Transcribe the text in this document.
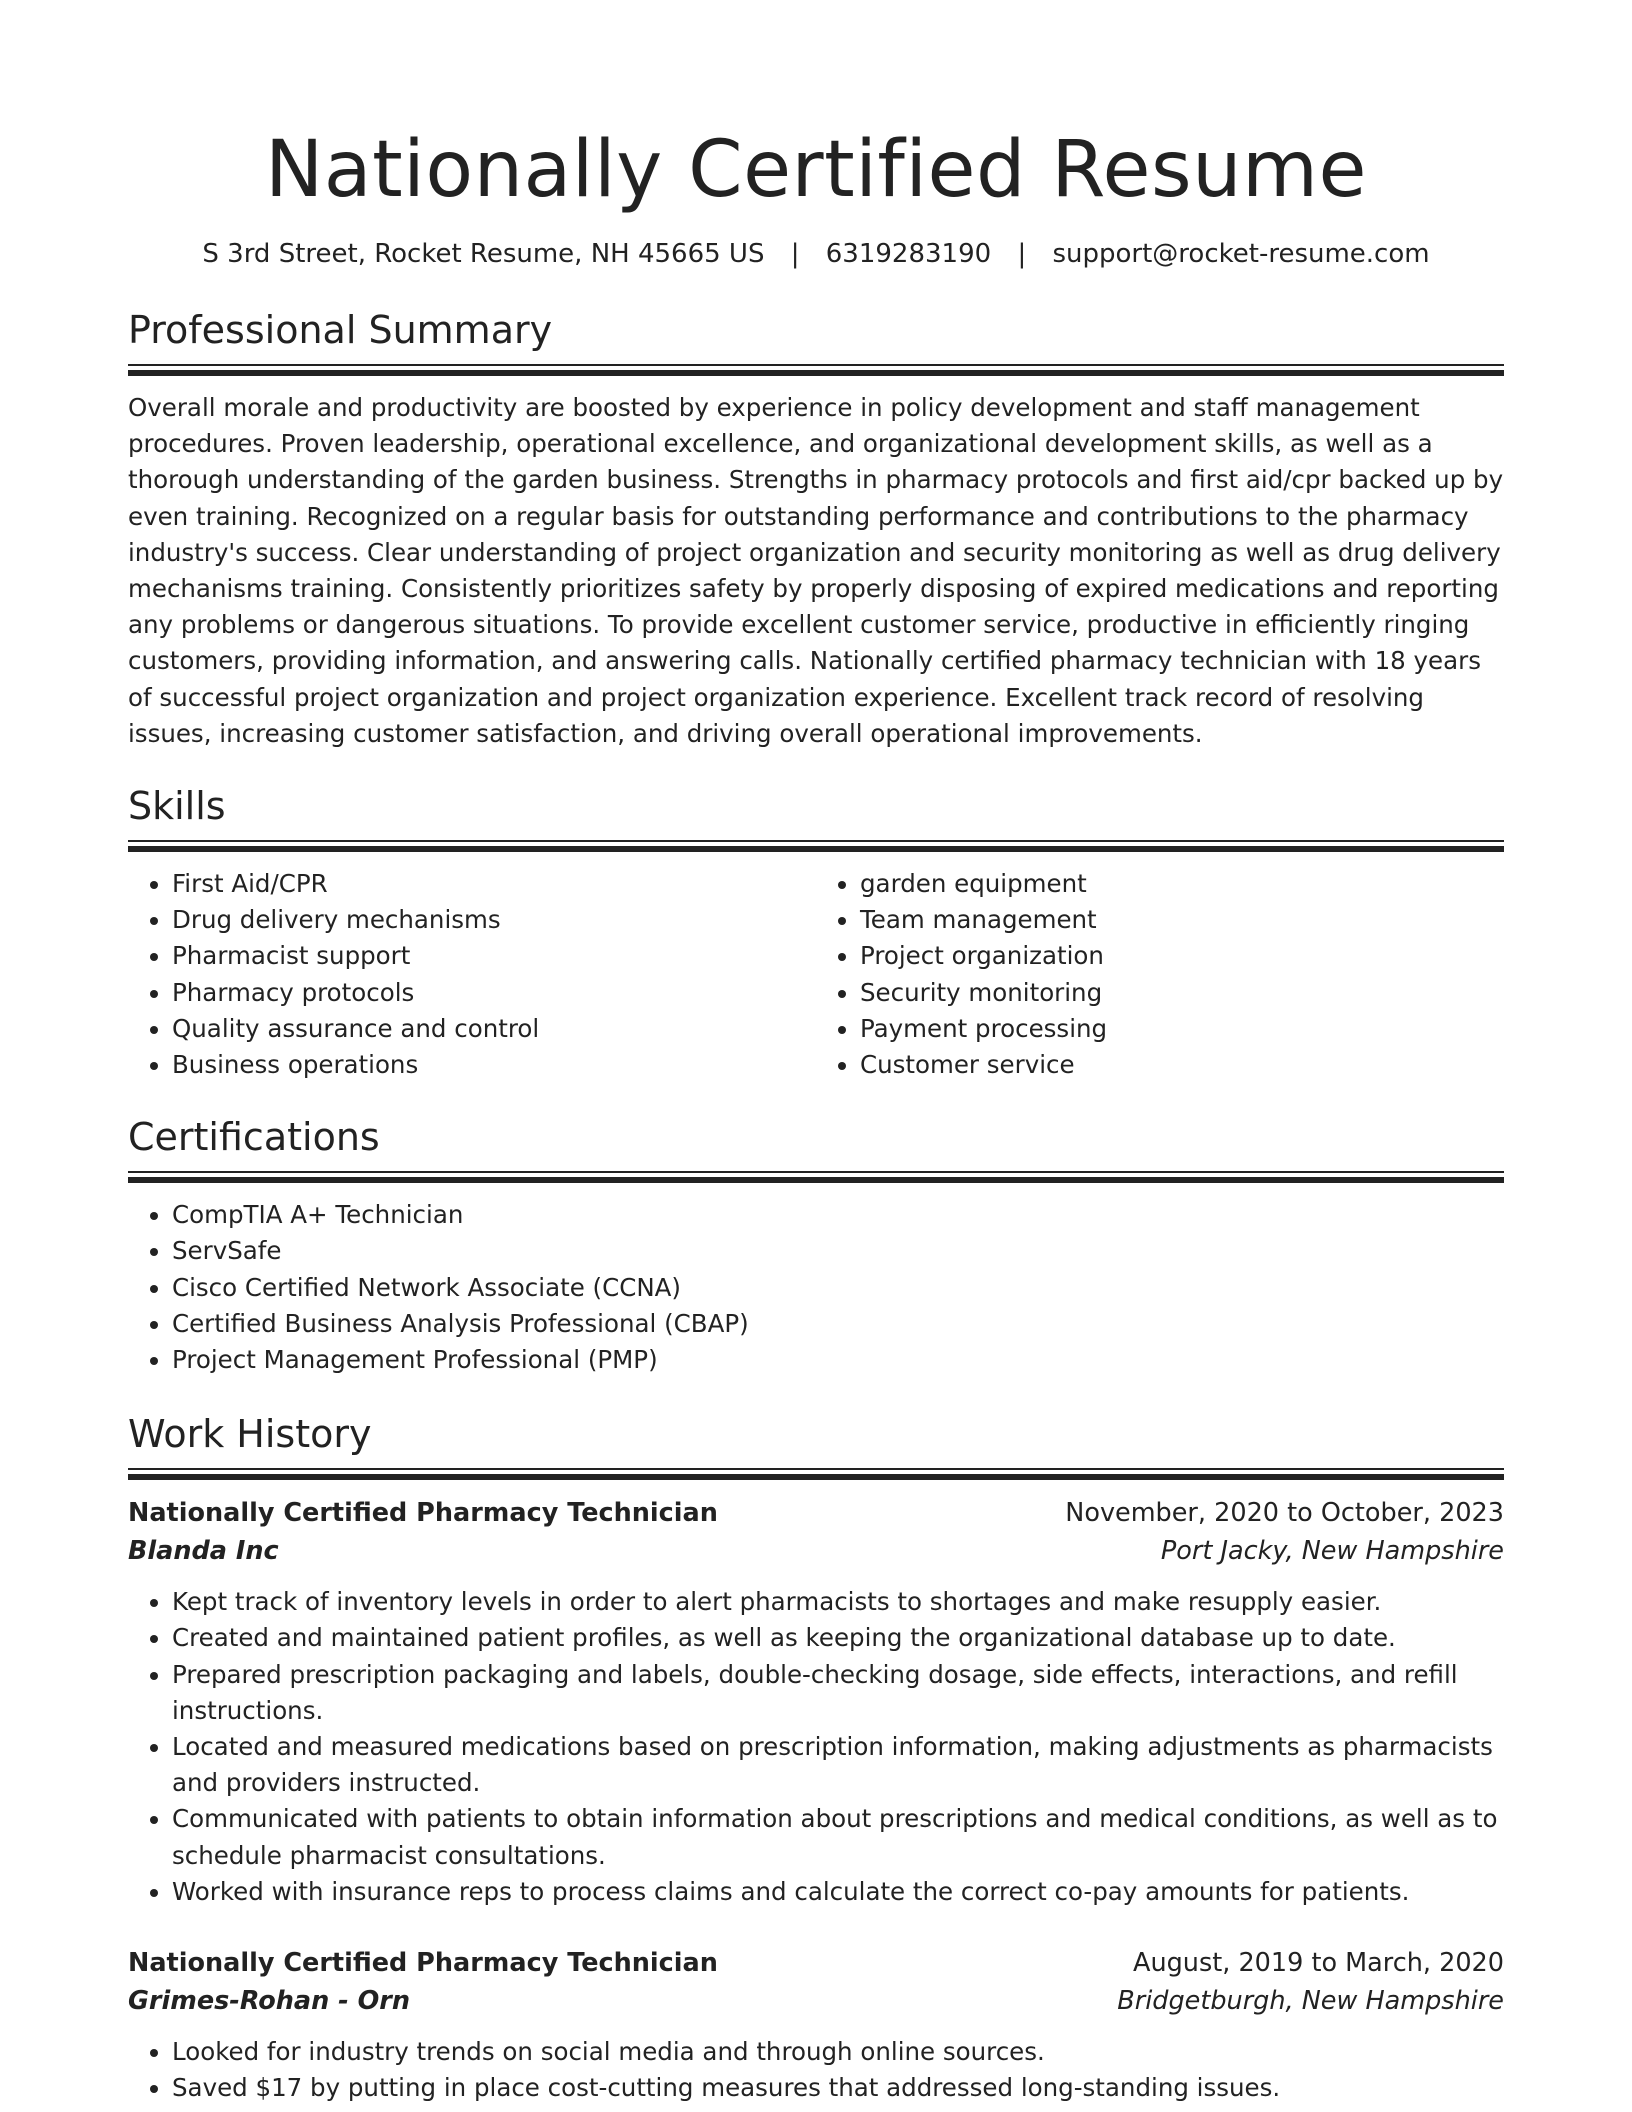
Nationally Certified Resume
S 3rd Street, Rocket Resume, NH 45665 US | 6319283190 | support@rocket-resume.com
Professional Summary

Overall morale and productivity are boosted by experience in policy development and staff management procedures. Proven leadership, operational excellence, and organizational development skills, as well as a thorough understanding of the garden business. Strengths in pharmacy protocols and first aid/cpr backed up by even training. Recognized on a regular basis for outstanding performance and contributions to the pharmacy industry's success. Clear understanding of project organization and security monitoring as well as drug delivery mechanisms training. Consistently prioritizes safety by properly disposing of expired medications and reporting any problems or dangerous situations. To provide excellent customer service, productive in efficiently ringing customers, providing information, and answering calls. Nationally certified pharmacy technician with 18 years of successful project organization and project organization experience. Excellent track record of resolving issues, increasing customer satisfaction, and driving overall operational improvements.

Skills
• First Aid/CPR
• Drug delivery mechanisms
• Pharmacist support
• Pharmacy protocols
• Quality assurance and control
• Business operations
• garden equipment
• Team management
• Project organization
• Security monitoring
• Payment processing
• Customer service
Certifications
• CompTIA A+ Technician
• ServSafe
• Cisco Certified Network Associate (CCNA)
• Certified Business Analysis Professional (CBAP)
• Project Management Professional (PMP)
Work History
Nationally Certified Pharmacy Technician	November, 2020 to October, 2023
Blanda Inc	Port Jacky, New Hampshire
• Kept track of inventory levels in order to alert pharmacists to shortages and make resupply easier.
• Created and maintained patient profiles, as well as keeping the organizational database up to date.
• Prepared prescription packaging and labels, double-checking dosage, side effects, interactions, and refill instructions.
• Located and measured medications based on prescription information, making adjustments as pharmacists and providers instructed.
• Communicated with patients to obtain information about prescriptions and medical conditions, as well as to schedule pharmacist consultations.
• Worked with insurance reps to process claims and calculate the correct co-pay amounts for patients.
Nationally Certified Pharmacy Technician	August, 2019 to March, 2020
Grimes-Rohan - Orn	Bridgetburgh, New Hampshire
• Looked for industry trends on social media and through online sources.
• Saved $17 by putting in place cost-cutting measures that addressed long-standing issues.
